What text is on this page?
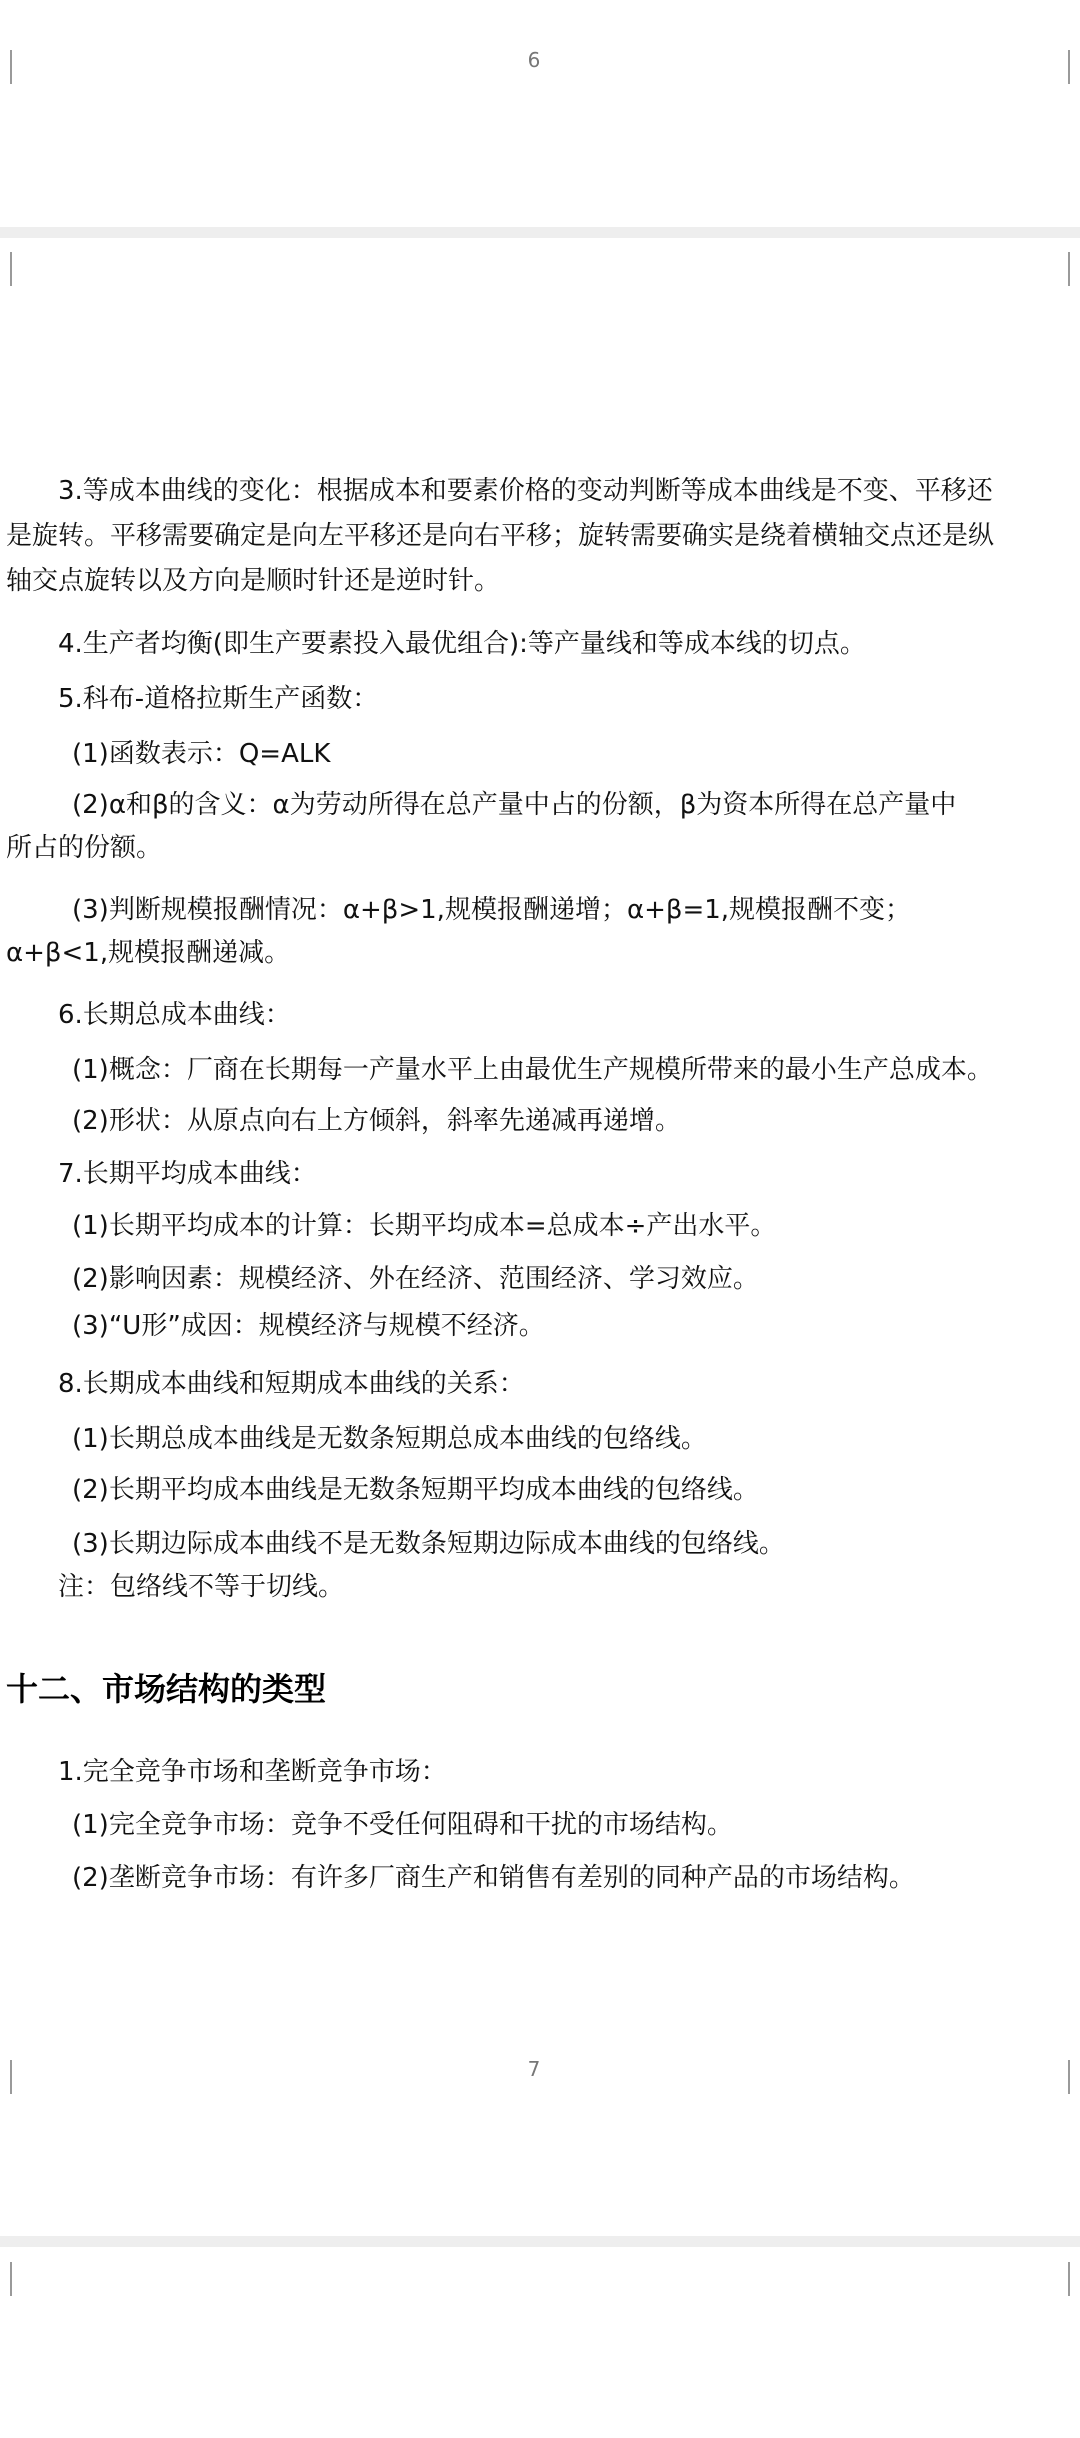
6
3.等成本曲线的变化：根据成本和要素价格的变动判断等成本曲线是不变、平移还
是旋转。平移需要确定是向左平移还是向右平移；旋转需要确实是绕着横轴交点还是纵
轴交点旋转以及方向是顺时针还是逆时针。
4.生产者均衡(即生产要素投入最优组合):等产量线和等成本线的切点。
5.科布-道格拉斯生产函数：
(1)函数表示：Q=ALK
(2)α和β的含义：α为劳动所得在总产量中占的份额，β为资本所得在总产量中
所占的份额。
(3)判断规模报酬情况：α+β>1,规模报酬递增；α+β=1,规模报酬不变；
α+β<1,规模报酬递减。
6.长期总成本曲线：
(1)概念：厂商在长期每一产量水平上由最优生产规模所带来的最小生产总成本。
(2)形状：从原点向右上方倾斜，斜率先递减再递增。
7.长期平均成本曲线：
(1)长期平均成本的计算：长期平均成本=总成本÷产出水平。
(2)影响因素：规模经济、外在经济、范围经济、学习效应。
(3)“U形”成因：规模经济与规模不经济。
8.长期成本曲线和短期成本曲线的关系：
(1)长期总成本曲线是无数条短期总成本曲线的包络线。
(2)长期平均成本曲线是无数条短期平均成本曲线的包络线。
(3)长期边际成本曲线不是无数条短期边际成本曲线的包络线。
注：包络线不等于切线。
十二、市场结构的类型
1.完全竞争市场和垄断竞争市场：
(1)完全竞争市场：竞争不受任何阻碍和干扰的市场结构。
(2)垄断竞争市场：有许多厂商生产和销售有差别的同种产品的市场结构。
7
